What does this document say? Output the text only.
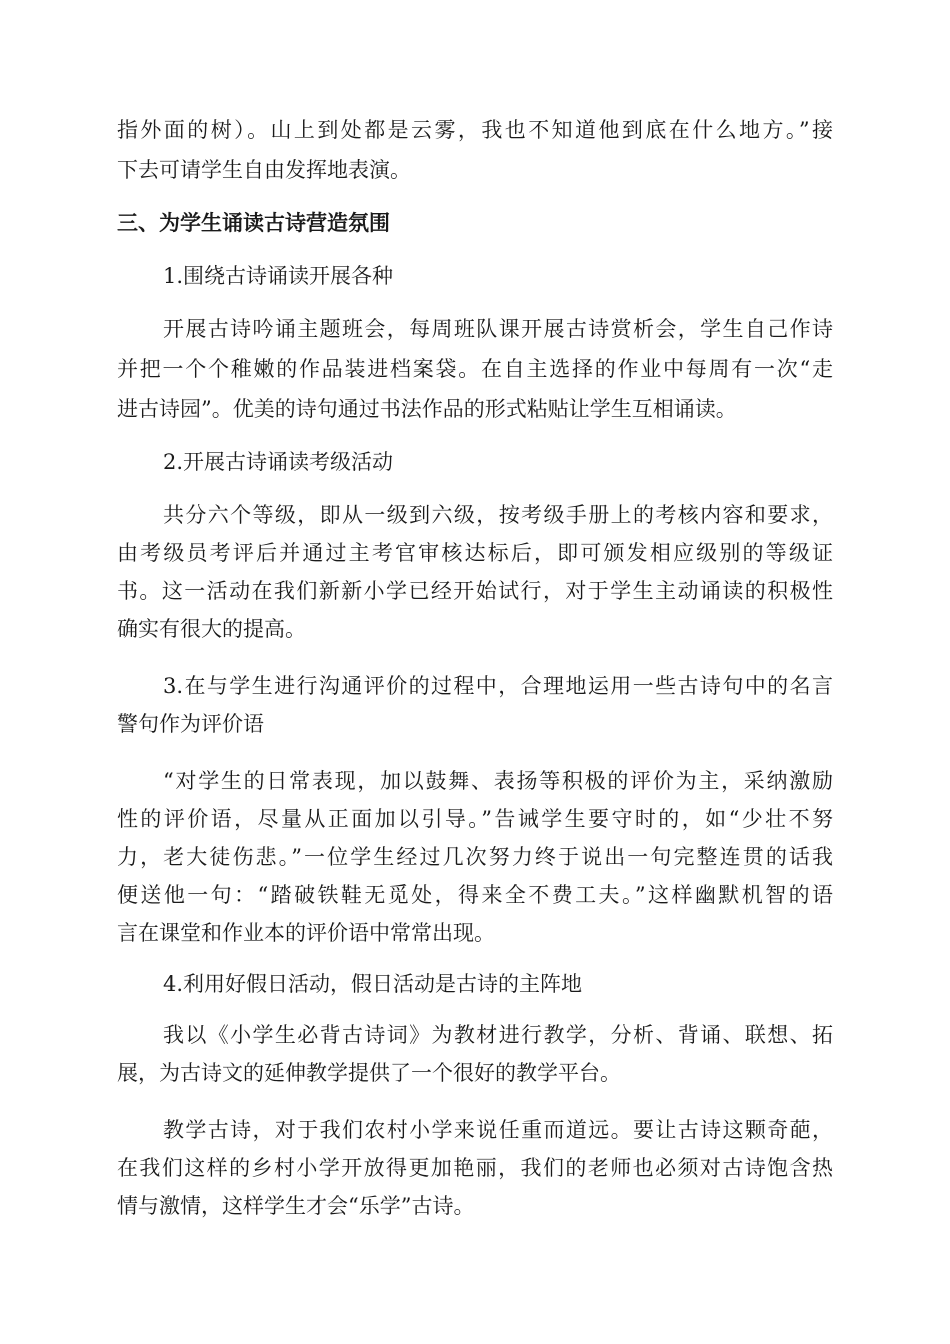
指外面的树）。山上到处都是云雾，我也不知道他到底在什么地方。”接
下去可请学生自由发挥地表演。
三、为学生诵读古诗营造氛围
1.围绕古诗诵读开展各种
开展古诗吟诵主题班会，每周班队课开展古诗赏析会，学生自己作诗
并把一个个稚嫩的作品装进档案袋。在自主选择的作业中每周有一次“走
进古诗园”。优美的诗句通过书法作品的形式粘贴让学生互相诵读。
2.开展古诗诵读考级活动
共分六个等级，即从一级到六级，按考级手册上的考核内容和要求，
由考级员考评后并通过主考官审核达标后，即可颁发相应级别的等级证
书。这一活动在我们新新小学已经开始试行，对于学生主动诵读的积极性
确实有很大的提高。
3.在与学生进行沟通评价的过程中，合理地运用一些古诗句中的名言
警句作为评价语
“对学生的日常表现，加以鼓舞、表扬等积极的评价为主，采纳激励
性的评价语，尽量从正面加以引导。”告诫学生要守时的，如“少壮不努
力，老大徒伤悲。”一位学生经过几次努力终于说出一句完整连贯的话我
便送他一句：“踏破铁鞋无觅处，得来全不费工夫。”这样幽默机智的语
言在课堂和作业本的评价语中常常出现。
4.利用好假日活动，假日活动是古诗的主阵地
我以《小学生必背古诗词》为教材进行教学，分析、背诵、联想、拓
展，为古诗文的延伸教学提供了一个很好的教学平台。
教学古诗，对于我们农村小学来说任重而道远。要让古诗这颗奇葩，
在我们这样的乡村小学开放得更加艳丽，我们的老师也必须对古诗饱含热
情与激情，这样学生才会“乐学”古诗。
